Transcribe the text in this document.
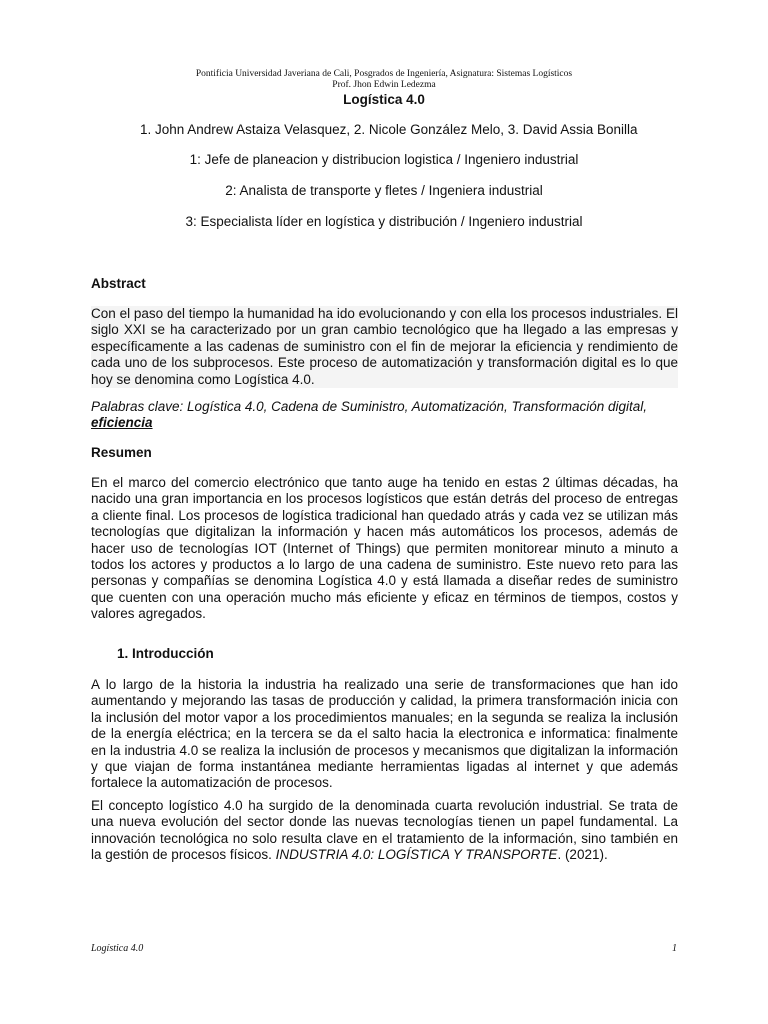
Pontificia Universidad Javeriana de Cali, Posgrados de Ingeniería, Asignatura: Sistemas Logísticos
Prof. Jhon Edwin Ledezma
Logística 4.0
1. John Andrew Astaiza Velasquez, 2. Nicole González Melo, 3. David Assia Bonilla
1: Jefe de planeacion y distribucion logistica / Ingeniero industrial
2: Analista de transporte y fletes / Ingeniera industrial
3: Especialista líder en logística y distribución / Ingeniero industrial
Abstract

Con el paso del tiempo la humanidad ha ido evolucionando y con ella los procesos industriales. El siglo XXI se ha caracterizado por un gran cambio tecnológico que ha llegado a las empresas y específicamente a las cadenas de suministro con el fin de mejorar la eficiencia y rendimiento de cada uno de los subprocesos. Este proceso de automatización y transformación digital es lo que hoy se denomina como Logística 4.0.

Palabras clave: Logística 4.0, Cadena de Suministro, Automatización, Transformación digital, eficiencia

Resumen

En el marco del comercio electrónico que tanto auge ha tenido en estas 2 últimas décadas, ha nacido una gran importancia en los procesos logísticos que están detrás del proceso de entregas a cliente final. Los procesos de logística tradicional han quedado atrás y cada vez se utilizan más tecnologías que digitalizan la información y hacen más automáticos los procesos, además de hacer uso de tecnologías IOT (Internet of Things) que permiten monitorear minuto a minuto a todos los actores y productos a lo largo de una cadena de suministro. Este nuevo reto para las personas y compañías se denomina Logística 4.0 y está llamada a diseñar redes de suministro que cuenten con una operación mucho más eficiente y eficaz en términos de tiempos, costos y valores agregados.

1. Introducción

A lo largo de la historia la industria ha realizado una serie de transformaciones que han ido aumentando y mejorando las tasas de producción y calidad, la primera transformación inicia con la inclusión del motor vapor a los procedimientos manuales; en la segunda se realiza la inclusión de la energía eléctrica; en la tercera se da el salto hacia la electronica e informatica: finalmente en la industria 4.0 se realiza la inclusión de procesos y mecanismos que digitalizan la información y que viajan de forma instantánea mediante herramientas ligadas al internet y que además fortalece la automatización de procesos.

El concepto logístico 4.0 ha surgido de la denominada cuarta revolución industrial. Se trata de una nueva evolución del sector donde las nuevas tecnologías tienen un papel fundamental. La innovación tecnológica no solo resulta clave en el tratamiento de la información, sino también en la gestión de procesos físicos. INDUSTRIA 4.0: LOGÍSTICA Y TRANSPORTE. (2021).

Logística 4.0	1
